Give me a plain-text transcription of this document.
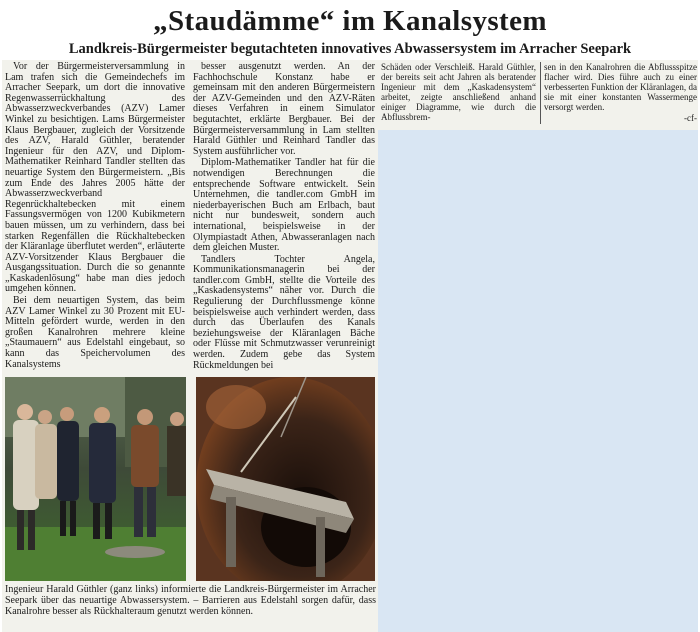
„Staudämme“ im Kanalsystem
Landkreis-Bürgermeister begutachteten innovatives Abwassersystem im Arracher Seepark

Vor der Bürgermeisterversammlung in Lam trafen sich die Gemeindechefs im Arracher Seepark, um dort die innovative Regenwasserrückhaltung des Abwasserzweckverbandes (AZV) Lamer Winkel zu besichtigen. Lams Bürgermeister Klaus Bergbauer, zugleich der Vorsitzende des AZV, Harald Güthler, beratender Ingenieur für den AZV, und Diplom-Mathematiker Reinhard Tandler stellten das neuartige System den Bürgermeistern. „Bis zum Ende des Jahres 2005 hätte der Abwasserzweckverband Regenrückhaltebecken mit einem Fassungsvermögen von 1200 Kubikmetern bauen müssen, um zu verhindern, dass bei starken Regenfällen die Rückhaltebecken der Kläranlage überflutet werden“, erläuterte AZV-Vorsitzender Klaus Bergbauer die Ausgangssituation. Durch die so genannte „Kaskadenlösung“ habe man dies jedoch umgehen können.

Bei dem neuartigen System, das beim AZV Lamer Winkel zu 30 Prozent mit EU-Mitteln gefördert wurde, werden in den großen Kanalrohren mehrere kleine „Staumauern“ aus Edelstahl eingebaut, so kann das Speichervolumen des Kanalsystems

besser ausgenutzt werden. An der Fachhochschule Konstanz habe er gemeinsam mit den anderen Bürgermeistern der AZV-Gemeinden und den AZV-Räten dieses Verfahren in einem Simulator begutachtet, erklärte Bergbauer. Bei der Bürgermeisterversammlung in Lam stellten Harald Güthler und Reinhard Tandler das System ausführlicher vor.

Diplom-Mathematiker Tandler hat für die notwendigen Berechnungen die entsprechende Software entwickelt. Sein Unternehmen, die tandler.com GmbH im niederbayerischen Buch am Erlbach, baut nicht nur bundesweit, sondern auch international, beispielsweise in der Olympiastadt Athen, Abwasseranlagen nach dem gleichen Muster.

Tandlers Tochter Angela, Kommunikationsmanagerin bei der tandler.com GmbH, stellte die Vorteile des „Kaskadensystems“ näher vor. Durch die Regulierung der Durchflussmenge könne beispielsweise auch verhindert werden, dass durch das Überlaufen des Kanals beziehungsweise der Kläranlagen Bäche oder Flüsse mit Schmutzwasser verunreinigt werden. Zudem gebe das System Rückmeldungen bei

Schäden oder Verschleiß. Harald Güthler, der bereits seit acht Jahren als beratender Ingenieur mit dem „Kaskadensystem“ arbeitet, zeigte anschließend anhand einiger Diagramme, wie durch die Abflussbrem-

sen in den Kanalrohren die Abflussspitze flacher wird. Dies führe auch zu einer verbesserten Funktion der Kläranlagen, da sie mit einer konstanten Wassermenge versorgt werden.

-cf-
Ingenieur Harald Güthler (ganz links) informierte die Landkreis-Bürgermeister im Arracher Seepark über das neuartige Abwassersystem. – Barrieren aus Edelstahl sorgen dafür, dass Kanalrohre besser als Rückhalteraum genutzt werden können.
